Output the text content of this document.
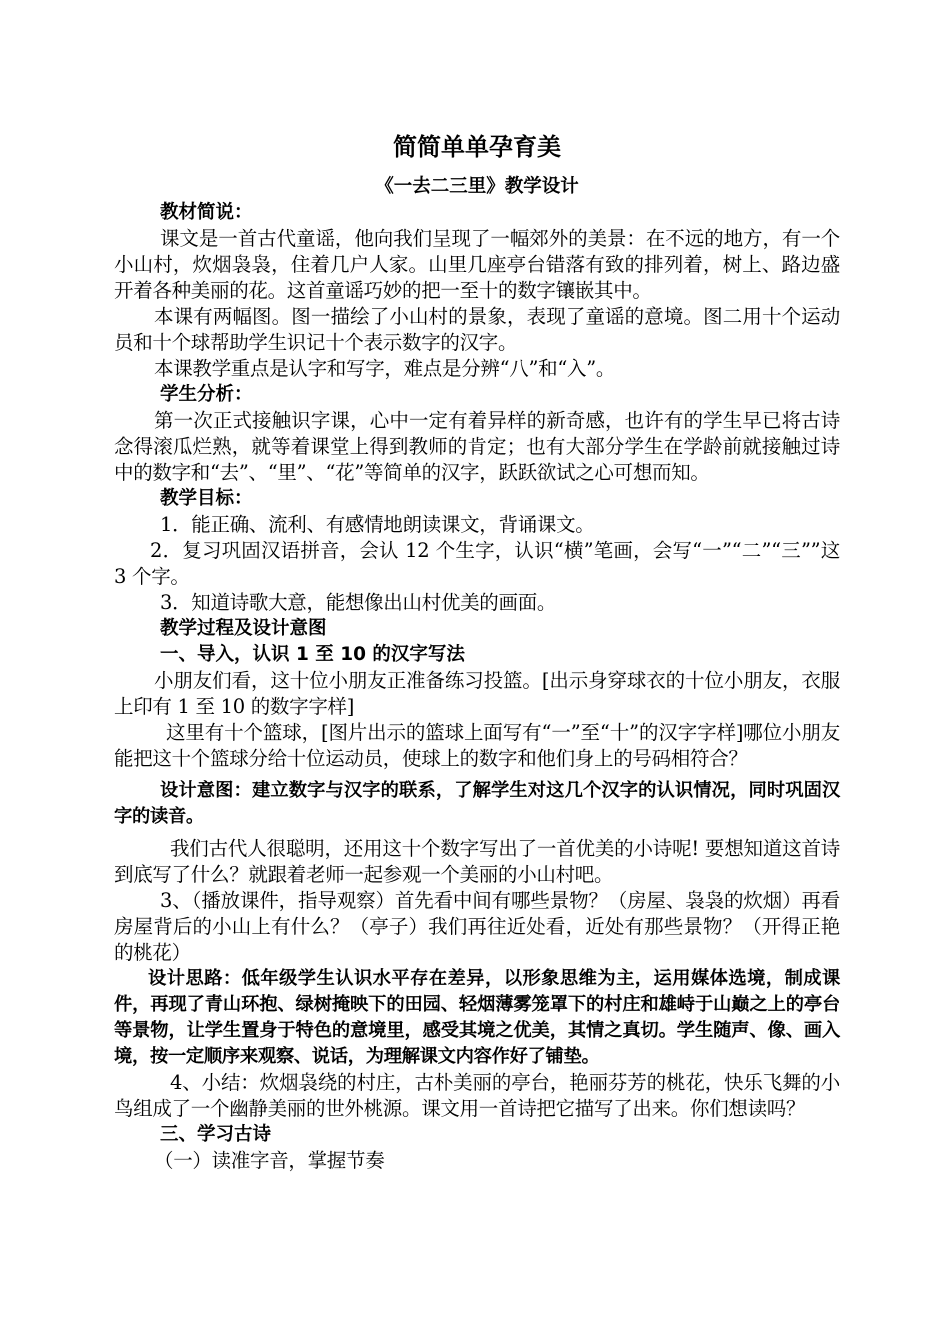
简简单单孕育美
《一去二三里》教学设计
教材简说：
课文是一首古代童谣，他向我们呈现了一幅郊外的美景：在不远的地方，有一个小山村，炊烟袅袅，住着几户人家。山里几座亭台错落有致的排列着，树上、路边盛开着各种美丽的花。这首童谣巧妙的把一至十的数字镶嵌其中。
本课有两幅图。图一描绘了小山村的景象，表现了童谣的意境。图二用十个运动员和十个球帮助学生识记十个表示数字的汉字。
本课教学重点是认字和写字，难点是分辨“八”和“入”。
学生分析：
第一次正式接触识字课，心中一定有着异样的新奇感，也许有的学生早已将古诗念得滚瓜烂熟，就等着课堂上得到教师的肯定；也有大部分学生在学龄前就接触过诗中的数字和“去”、“里”、“花”等简单的汉字，跃跃欲试之心可想而知。
教学目标：
1．能正确、流利、有感情地朗读课文，背诵课文。
2．复习巩固汉语拼音，会认 12 个生字，认识“横”笔画，会写“一”“二”“三””这 3 个字。
3．知道诗歌大意，能想像出山村优美的画面。
教学过程及设计意图
一、导入，认识 1 至 10 的汉字写法
小朋友们看，这十位小朋友正准备练习投篮。[出示身穿球衣的十位小朋友，衣服上印有 1 至 10 的数字字样]
这里有十个篮球，[图片出示的篮球上面写有“一”至“十”的汉字字样]哪位小朋友能把这十个篮球分给十位运动员，使球上的数字和他们身上的号码相符合？
设计意图：建立数字与汉字的联系，了解学生对这几个汉字的认识情况，同时巩固汉字的读音。
我们古代人很聪明，还用这十个数字写出了一首优美的小诗呢! 要想知道这首诗到底写了什么？就跟着老师一起参观一个美丽的小山村吧。
3、（播放课件，指导观察）首先看中间有哪些景物？（房屋、袅袅的炊烟）再看房屋背后的小山上有什么？（亭子）我们再往近处看，近处有那些景物？（开得正艳的桃花）
设计思路：低年级学生认识水平存在差异，以形象思维为主，运用媒体选境，制成课件，再现了青山环抱、绿树掩映下的田园、轻烟薄雾笼罩下的村庄和雄峙于山巅之上的亭台等景物，让学生置身于特色的意境里，感受其境之优美，其情之真切。学生随声、像、画入境，按一定顺序来观察、说话，为理解课文内容作好了铺垫。
4、小结：炊烟袅绕的村庄，古朴美丽的亭台，艳丽芬芳的桃花，快乐飞舞的小鸟组成了一个幽静美丽的世外桃源。课文用一首诗把它描写了出来。你们想读吗？
三、学习古诗
（一）读准字音，掌握节奏
